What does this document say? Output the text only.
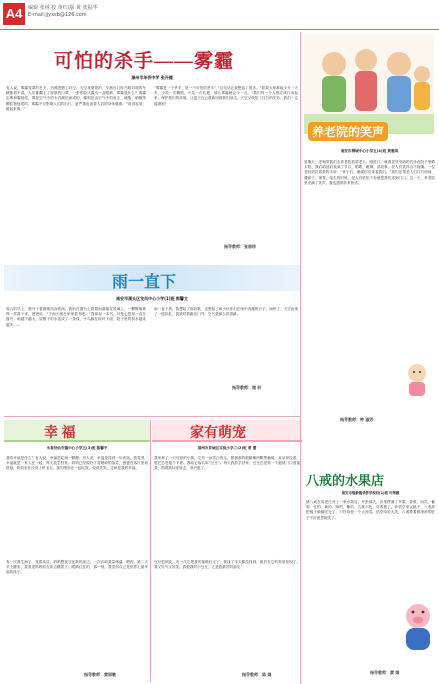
A4	编辑 张林 校 黄红/版 黄 张振华
E-mail:jjyxsb@126.com
可怕的杀手——雾霾
漳州市华侨中学 张开捷
有人说，雾霾笼罩的冬天，仿佛进错了时空。天空灰蒙蒙的，早晨出门时马路对面的车辆都看不清，人们都戴上了厚厚的口罩，一张张脸只露出一双眼睛。雾霾是什么？雾霾由雾和霾组成，雾是空气中的水汽凝结而成的，霾则是由空气中的灰尘、硫酸、硝酸等颗粒物组成的。雾霾不仅影响人们的出行，更严重危害着人们的身体健康。“说得容易，做起来难。”
“雾霾是一个杀手，是一个可怕的杀手！”这句话让我想起了很多。“如果大家都能少开一天车，少放一次鞭炮，少烧一次垃圾，那么雾霾就会少一点。”我们每一个人都应该行动起来，保护我们的环境，让蓝天白云重新回到我们身边。天空又恢复了往日的光彩，我们一定能做到！
指导教师：张丽珍
养老院的笑声
南安市柳城中心小学五(4)班 黄雅琪
星期天，老师带我们去养老院看望老人。刚进门，就看见爷爷奶奶们坐在院子里晒太阳。我们给他们表演了节目，唱歌、跳舞、讲故事，老人们笑得合不拢嘴。一位老奶奶拉着我的手说：“孩子们，谢谢你们来看我们。”我们还帮老人们打扫房间、叠被子、捶背。临走的时候，老人们依依不舍地把我们送到门口。这一天，养老院里充满了笑声，我也感到非常快乐。
指导教师：钟 淑芳
雨一直下
南安市溪头区龙凤中心小学(1)班 郭馨文
周六的早上，窗外下着淅淅沥沥的雨，我趴在窗台上看着雨滴落在玻璃上，一颗颗像珍珠一样滑下来。爸爸说：“下雨天就在家里看书吧。”我拿起一本书，可是心思却一直在窗外。雨越下越大，屋檐下的水连成了一条线，小鸟躲在树叶下面，院子里的积水越来越多……
雨一直下着，我想起了那首歌，也想起了和小伙伴们在雨中奔跑的日子。雨停了，天空出现了一道彩虹，我欢呼着跑出门外，空气是那么的清新。
指导教师：谢 轩
幸 福
永春县仙夹镇中心小学五(3)班 陈馨平
我的幸福是什么？有人说，幸福是吃到一颗糖；有人说，幸福是得到一句表扬。我觉得，幸福就是一家人在一起。每天放学回家，妈妈已经做好了香喷喷的饭菜，爸爸在客厅里看报纸，奶奶坐在沙发上织毛衣。我们围坐在一起吃饭，说说笑笑，这就是我的幸福。
有一次我生病了，发着高烧，妈妈整夜守在我的床边，一次次给我量体温、喂药。第二天早上醒来，我看见妈妈趴在床边睡着了，眼睛红红的。那一刻，我觉得自己是世界上最幸福的孩子。
指导教师：黄丽敏
家有萌宠
漳州市芗城区实验小学三(2)班 黄 蕾
我家养了一只可爱的小狗，它有一身雪白的毛，圆溜溜的眼睛像两颗黑葡萄，耳朵耷拉着，尾巴总是摇个不停。我给它取名叫“豆豆”。每天我放学回家，豆豆总是第一个跑到门口迎接我，围着我转来转去，高兴极了。
豆豆很调皮，有一次它把我的拖鞋叼走了，我找了半天都没找到，最后在它的窝里发现了。我又好气又好笑。我爱我的小豆豆，它是我最好的朋友！
指导教师：陈 娟
八戒的水果店
南安市翔新镇华侨学校四(1)班 许翠娜
猪八戒在高老庄开了一家水果店。开张那天，店里摆满了苹果、香蕉、西瓜、葡萄，红的、黄的、绿的、紫的，五颜六色，好看极了。孙悟空来买桃子，八戒却把桃子偷偷吃光了，只好给他一个大西瓜。悟空哈哈大笑，八戒摸着圆滚滚的肚子不好意思地笑了。
指导教师：黄 娟
